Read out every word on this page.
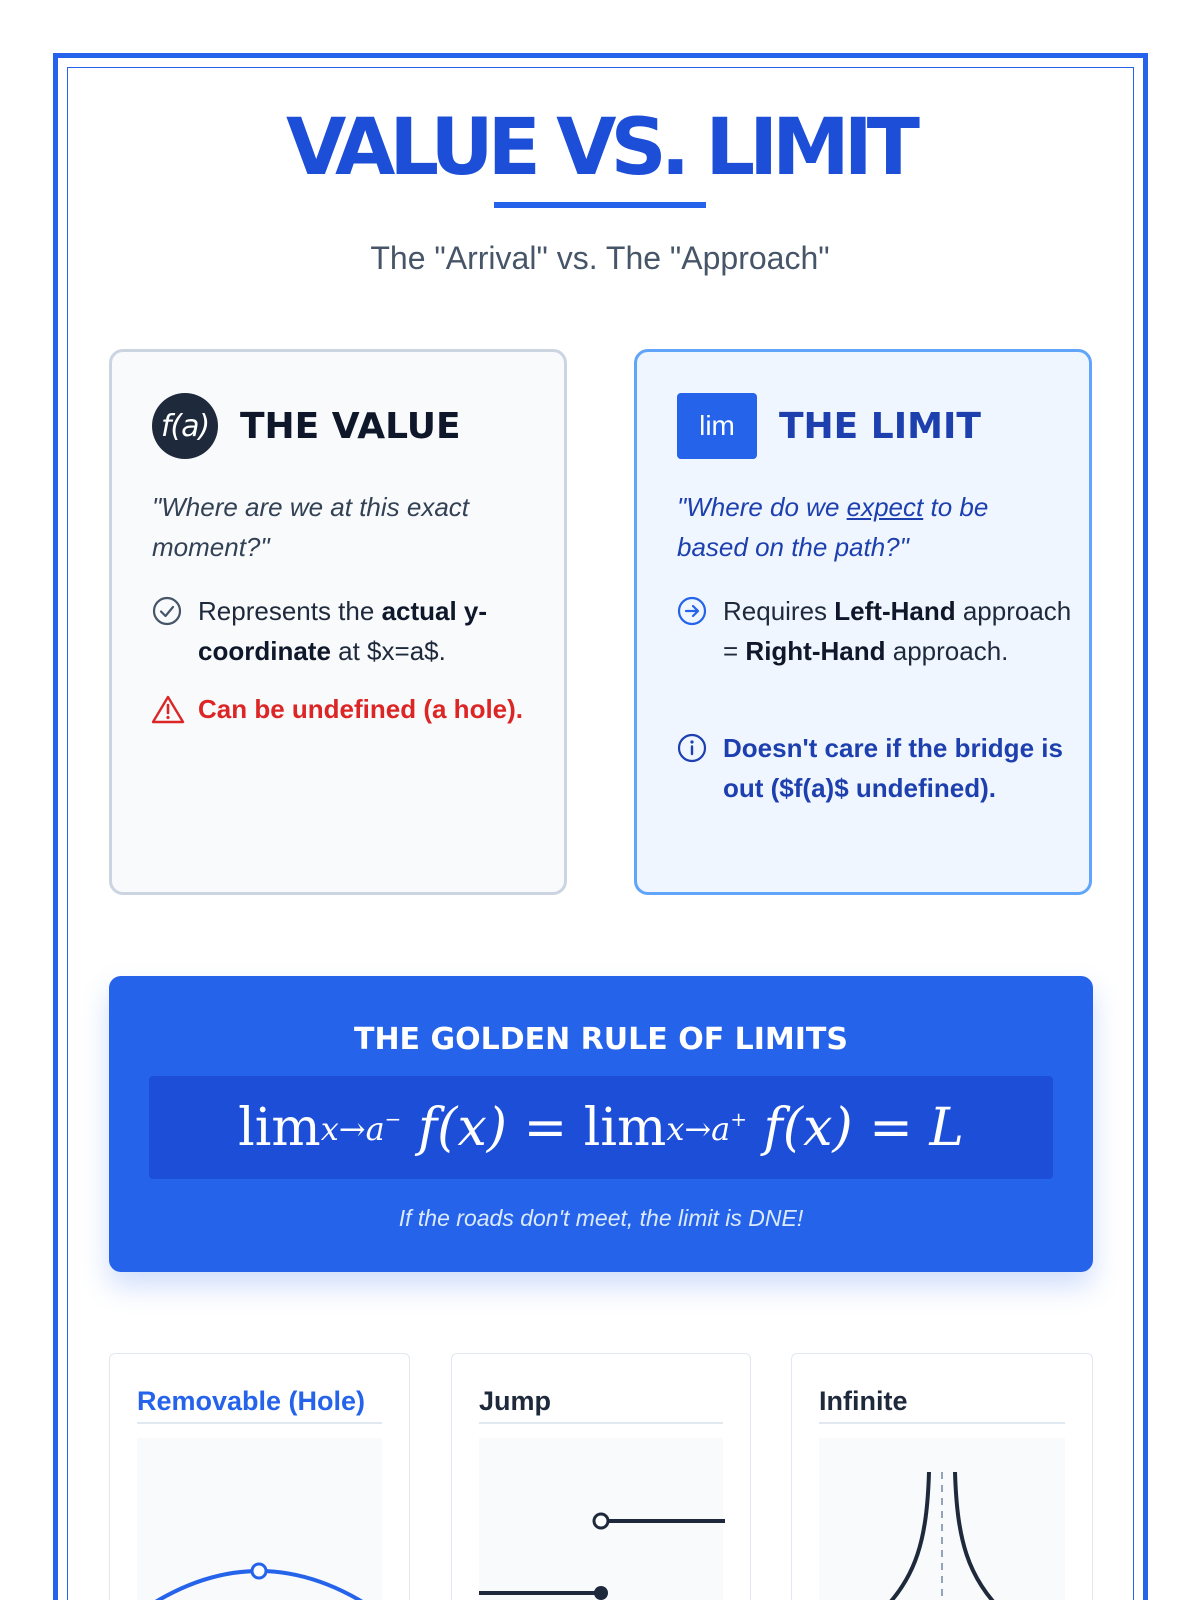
VALUE VS. LIMIT
The "Arrival" vs. The "Approach"
f(a) THE VALUE
"Where are we at this exact moment?"
Represents the actual y-coordinate at $x=a$.
Can be undefined (a hole).
lim	THE LIMIT
"Where do we expect to be based on the path?"
Requires Left-Hand approach = Right-Hand approach.
Doesn't care if the bridge is out ($f(a)$ undefined).
THE GOLDEN RULE OF LIMITS
lim x→a−
f(x)
=
lim x→a+
f(x)
=
L
If the roads don't meet, the limit is DNE!
Removable (Hole)	Jump	Infinite
